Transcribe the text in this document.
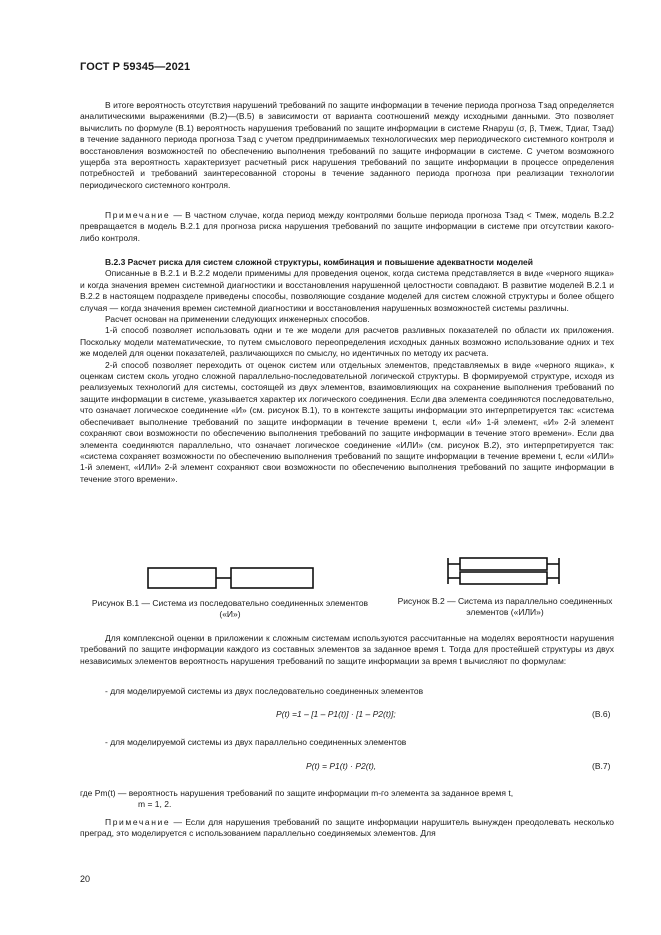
ГОСТ Р 59345—2021

В итоге вероятность отсутствия нарушений требований по защите информации в течение периода прогноза Tзад определяется аналитическими выражениями (В.2)—(В.5) в зависимости от варианта соотношений между исходными данными. Это позволяет вычислить по формуле (В.1) вероятность нарушения требований по защите информации в системе Rнаруш (σ, β, Tмеж, Tдиаг, Tзад) в течение заданного периода прогноза Tзад с учетом предпринимаемых технологических мер периодического системного контроля и восстановления возможностей по обеспечению выполнения требований по защите информации в системе. С учетом возможного ущерба эта вероятность характеризует расчетный риск нарушения требований по защите информации в процессе определения потребностей и требований заинтересованной стороны в течение заданного периода прогноза при реализации технологии периодического системного контроля.

Примечание — В частном случае, когда период между контролями больше периода прогноза Tзад < Tмеж, модель В.2.2 превращается в модель В.2.1 для прогноза риска нарушения требований по защите информации в системе при отсутствии какого-либо контроля.

В.2.3 Расчет риска для систем сложной структуры, комбинация и повышение адекватности моделей

Описанные в В.2.1 и В.2.2 модели применимы для проведения оценок, когда система представляется в виде «черного ящика» и когда значения времен системной диагностики и восстановления нарушенной целостности совпадают. В развитие моделей В.2.1 и В.2.2 в настоящем подразделе приведены способы, позволяющие создание моделей для систем сложной структуры и более общего случая — когда значения времен системной диагностики и восстановления нарушенных возможностей системы различны.

Расчет основан на применении следующих инженерных способов.

1-й способ позволяет использовать одни и те же модели для расчетов разливных показателей по области их приложения. Поскольку модели математические, то путем смыслового переопределения исходных данных возможно использование одних и тех же моделей для оценки показателей, различающихся по смыслу, но идентичных по методу их расчета.

2-й способ позволяет переходить от оценок систем или отдельных элементов, представляемых в виде «черного ящика», к оценкам систем сколь угодно сложной параллельно-последовательной логической структуры. В формируемой структуре, исходя из реализуемых технологий для системы, состоящей из двух элементов, взаимовлияющих на сохранение выполнения требований по защите информации в системе, указывается характер их логического соединения. Если два элемента соединяются последовательно, что означает логическое соединение «И» (см. рисунок В.1), то в контексте защиты информации это интерпретируется так: «система обеспечивает выполнение требований по защите информации в течение времени t, если «И» 1-й элемент, «И» 2-й элемент сохраняют свои возможности по обеспечению выполнения требований по защите информации в течение этого времени». Если два элемента соединяются параллельно, что означает логическое соединение «ИЛИ» (см. рисунок В.2), это интерпретируется так: «система сохраняет возможности по обеспечению выполнения требований по защите информации в течение времени t, если «ИЛИ» 1-й элемент, «ИЛИ» 2-й элемент сохраняют свои возможности по обеспечению выполнения требований по защите информации в течение этого времени».

Рисунок В.1 — Система из последовательно соединенных элементов («И»)
Рисунок В.2 — Система из параллельно соединенных элементов («ИЛИ»)

Для комплексной оценки в приложении к сложным системам используются рассчитанные на моделях вероятности нарушения требований по защите информации каждого из составных элементов за заданное время t. Тогда для простейшей структуры из двух независимых элементов вероятность нарушения требований по защите информации за время t вычисляют по формулам:

- для моделируемой системы из двух последовательно соединенных элементов
P(t) =1 – [1 – P1(t)] · [1 – P2(t)];	(В.6)
- для моделируемой системы из двух параллельно соединенных элементов
P(t) = P1(t) · P2(t),	(В.7)

где Pm(t) — вероятность нарушения требований по защите информации m-го элемента за заданное время t,

m = 1, 2.

Примечание — Если для нарушения требований по защите информации нарушитель вынужден преодолевать несколько преград, это моделируется с использованием параллельно соединяемых элементов. Для

20
